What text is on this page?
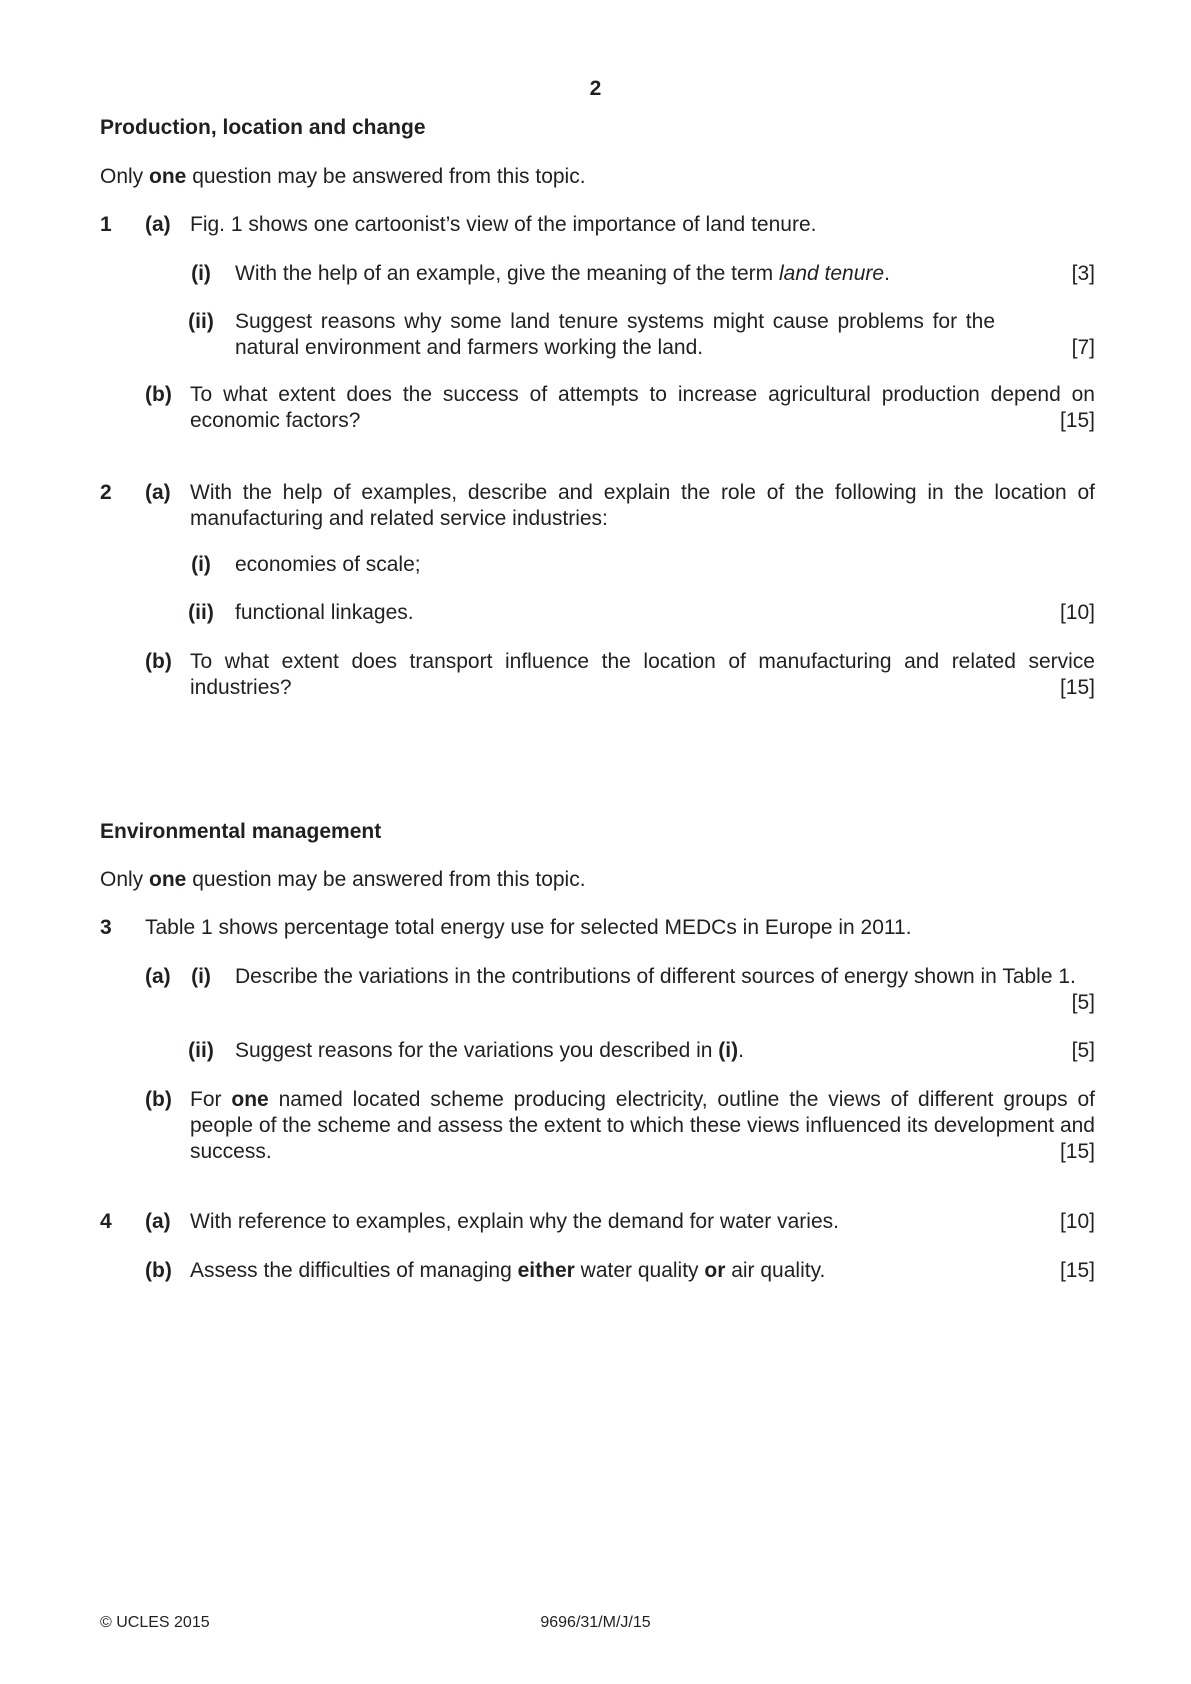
2
Production, location and change
Only one question may be answered from this topic.
1 (a) Fig. 1 shows one cartoonist’s view of the importance of land tenure.
(i)	With the help of an example, give the meaning of the term land tenure.	[3]
(ii)	Suggest reasons why some land tenure systems might cause problems for the natural environment and farmers working the land.	[7]
(b) To what extent does the success of attempts to increase agricultural production depend on economic factors?	[15]
2 (a) With the help of examples, describe and explain the role of the following in the location of manufacturing and related service industries:
(i)	economies of scale;
(ii)	functional linkages.	[10]
(b) To what extent does transport influence the location of manufacturing and related service industries?	[15]
Environmental management
Only one question may be answered from this topic.
3 Table 1 shows percentage total energy use for selected MEDCs in Europe in 2011.
(a) (i)	Describe the variations in the contributions of different sources of energy shown in Table 1.
[5]
(ii)	Suggest reasons for the variations you described in (i).	[5]
(b) For one named located scheme producing electricity, outline the views of different groups of people of the scheme and assess the extent to which these views influenced its development and success.	[15]
4 (a) With reference to examples, explain why the demand for water varies.	[10]
(b) Assess the difficulties of managing either water quality or air quality.	[15]
© UCLES 2015	9696/31/M/J/15
